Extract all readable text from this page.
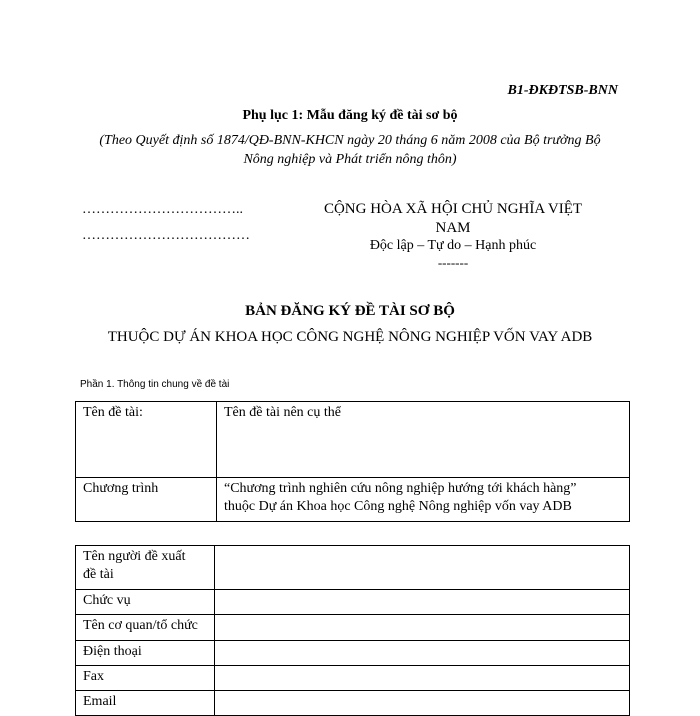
B1-ĐKĐTSB-BNN
Phụ lục 1: Mẫu đăng ký đề tài sơ bộ
(Theo Quyết định số 1874/QĐ-BNN-KHCN ngày 20 tháng 6 năm 2008 của Bộ trưởng Bộ
Nông nghiệp và Phát triển nông thôn)
……………………………..
………………………………
CỘNG HÒA XÃ HỘI CHỦ NGHĨA VIỆT
NAM
Độc lập – Tự do – Hạnh phúc
-------
BẢN ĐĂNG KÝ ĐỀ TÀI SƠ BỘ
THUỘC DỰ ÁN KHOA HỌC CÔNG NGHỆ NÔNG NGHIỆP VỐN VAY ADB
Phần 1. Thông tin chung về đề tài
Tên đề tài:	Tên đề tài nên cụ thể
Chương trình	“Chương trình nghiên cứu nông nghiệp hướng tới khách hàng”
thuộc Dự án Khoa học Công nghệ Nông nghiệp vốn vay ADB
Tên người đề xuất
đề tài	

Chức vụ	
Tên cơ quan/tổ chức	
Điện thoại	
Fax	
Email	
